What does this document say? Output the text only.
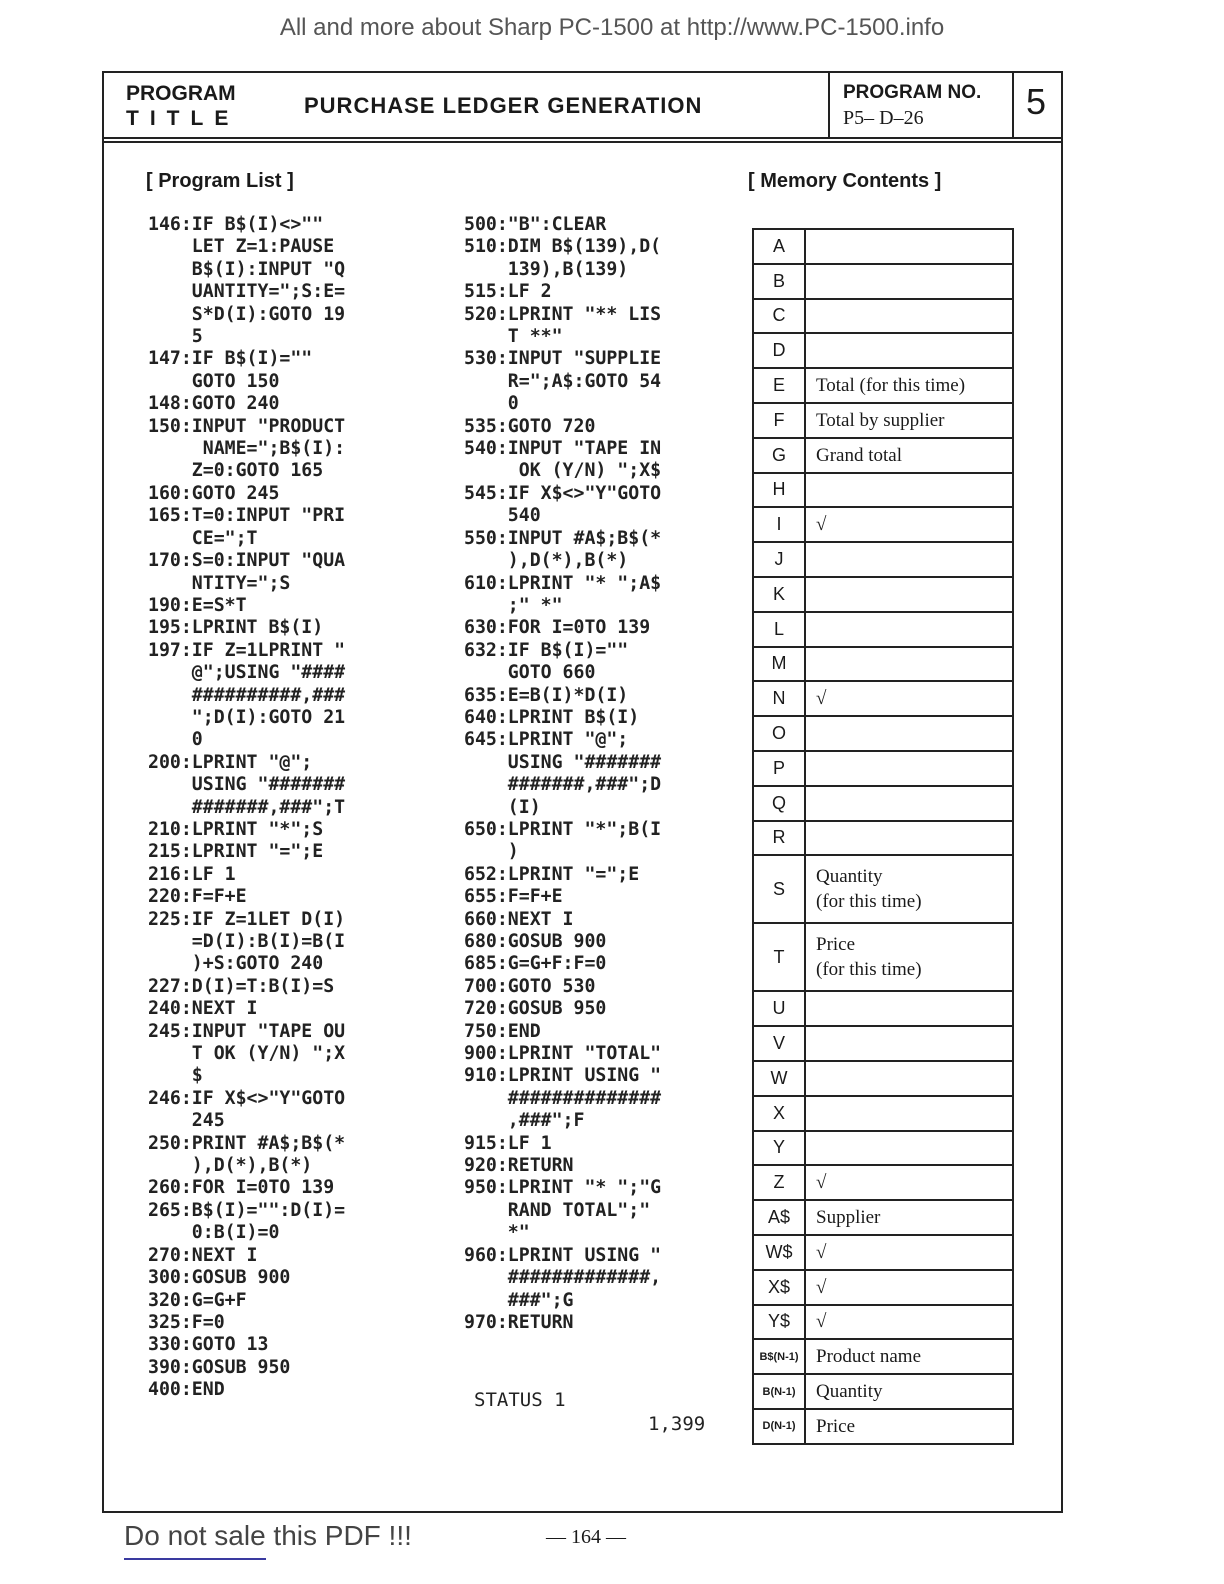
All and more about Sharp PC-1500 at http://www.PC-1500.info
PROGRAM
TITLE
PURCHASE LEDGER GENERATION
PROGRAM NO.
P5– D–26	5
[ Program List ]	[ Memory Contents ]
146:IF B$(I)<>""
LET Z=1:PAUSE
B$(I):INPUT "Q
UANTITY=";S:E=
S*D(I):GOTO 19
5
147:IF B$(I)=""
GOTO 150
148:GOTO 240
150:INPUT "PRODUCT
NAME=";B$(I):
Z=0:GOTO 165
160:GOTO 245
165:T=0:INPUT "PRI
CE=";T
170:S=0:INPUT "QUA
NTITY=";S
190:E=S*T
195:LPRINT B$(I)
197:IF Z=1LPRINT "
@";USING "####
##########,###
";D(I):GOTO 21
0
200:LPRINT "@";
USING "#######
#######,###";T
210:LPRINT "*";S
215:LPRINT "=";E
216:LF 1
220:F=F+E
225:IF Z=1LET D(I)
=D(I):B(I)=B(I
)+S:GOTO 240
227:D(I)=T:B(I)=S
240:NEXT I
245:INPUT "TAPE OU
T OK (Y/N) ";X
$
246:IF X$<>"Y"GOTO
245
250:PRINT #A$;B$(*
),D(*),B(*)
260:FOR I=0TO 139
265:B$(I)="":D(I)=
0:B(I)=0
270:NEXT I
300:GOSUB 900
320:G=G+F
325:F=0
330:GOTO 13
390:GOSUB 950
400:END
500:"B":CLEAR
510:DIM B$(139),D(
139),B(139)
515:LF 2
520:LPRINT "** LIS
T **"
530:INPUT "SUPPLIE
R=";A$:GOTO 54
0
535:GOTO 720
540:INPUT "TAPE IN
OK (Y/N) ";X$
545:IF X$<>"Y"GOTO
540
550:INPUT #A$;B$(*
),D(*),B(*)
610:LPRINT "* ";A$
;" *"
630:FOR I=0TO 139
632:IF B$(I)=""
GOTO 660
635:E=B(I)*D(I)
640:LPRINT B$(I)
645:LPRINT "@";
USING "#######
#######,###";D
(I)
650:LPRINT "*";B(I
)
652:LPRINT "=";E
655:F=F+E
660:NEXT I
680:GOSUB 900
685:G=G+F:F=0
700:GOTO 530
720:GOSUB 950
750:END
900:LPRINT "TOTAL"
910:LPRINT USING "
##############
,###";F
915:LF 1
920:RETURN
950:LPRINT "* ";"G
RAND TOTAL";"
*"
960:LPRINT USING "
#############,
###";G
970:RETURN
STATUS 1
1,399
A	
B	
C	
D	
E	Total (for this time)
F	Total by supplier
G	Grand total
H	
I	√
J	
K	
L	
M	
N	√
O	
P	
Q	
R	
S	Quantity
(for this time)

T	Price
(for this time)

U	
V	
W	
X	
Y	
Z	√
A$	Supplier
W$	√
X$	√
Y$	√
B$(N-1)	Product name
B(N-1)	Quantity
D(N-1)	Price
Do not sale this PDF !!!	— 164 —
